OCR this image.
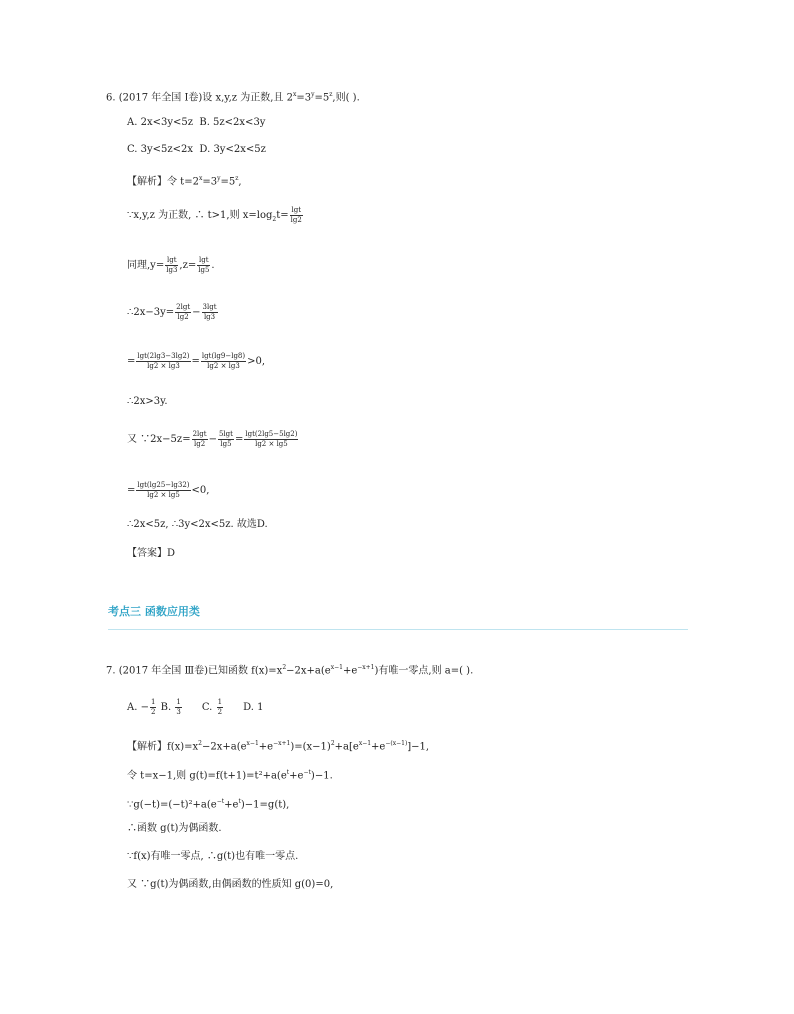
6. (2017 年全国 Ⅰ卷)设 x,y,z 为正数,且 $2^x=3^y=5^z$,则( ).
A. 2x<3y<5z B. 5z<2x<3y
C. 3y<5z<2x D. 3y<2x<5z
【解析】令 $t=2^x=3^y=5^z$,
∵x,y,z 为正数, ∴ t>1,则 $x=\log_2t= \frac{\lg t}{\lg 2}$
同理$,y= \frac{\lg t}{\lg 3} ,z= \frac{\lg t}{\lg 5}$ .
∴2x−3y= $\frac{2\lg t}{\lg 2} - \frac{3\lg t}{\lg 3}$
= $\frac{\lg t(2\lg 3-3\lg 2)}{\lg 2 \times \lg 3} = \frac{\lg t(\lg 9-\lg 8)}{\lg 2 \times \lg 3} >0$,
∴2x>3y.
又 ∵2x−5z= $\frac{2\lg t}{\lg 2} - \frac{5\lg t}{\lg 5} = \frac{\lg t(2\lg 5-5\lg 2)}{\lg 2 \times \lg 5}$
= $\frac{\lg t(\lg 25-\lg 32)}{\lg 2 \times \lg 5} <0$,
∴2x<5z, ∴3y<2x<5z. 故选D.
【答案】D
考点三 函数应用类
7. (2017 年全国 Ⅲ卷)已知函数 $f(x)=x^2-2x+a(e^{x-1}+e^{-x+1})$有唯一零点,则 a=( ).
A. − $\frac{1}{2} B$. $\frac{1}{3} C$. $\frac{1}{2} D$. 1
【解析】$f(x)=x^2-2x+a(e^{x-1}+e^{-x+1})=(x-1)^2+a[e^{x-1}+e^{-(x-1)}]-1$,
令 t=x−1,则 $g(t)=f(t+1)=t^2+a(e^t+e^{-t})-1$.
$\because g(-t)=(-t)^2+a(e^{-t}+e^t)-1=g(t)$,
∴函数 g(t)为偶函数.
∵f(x)有唯一零点, ∴g(t)也有唯一零点.
又 ∵g(t)为偶函数,由偶函数的性质知 g(0)=0,
